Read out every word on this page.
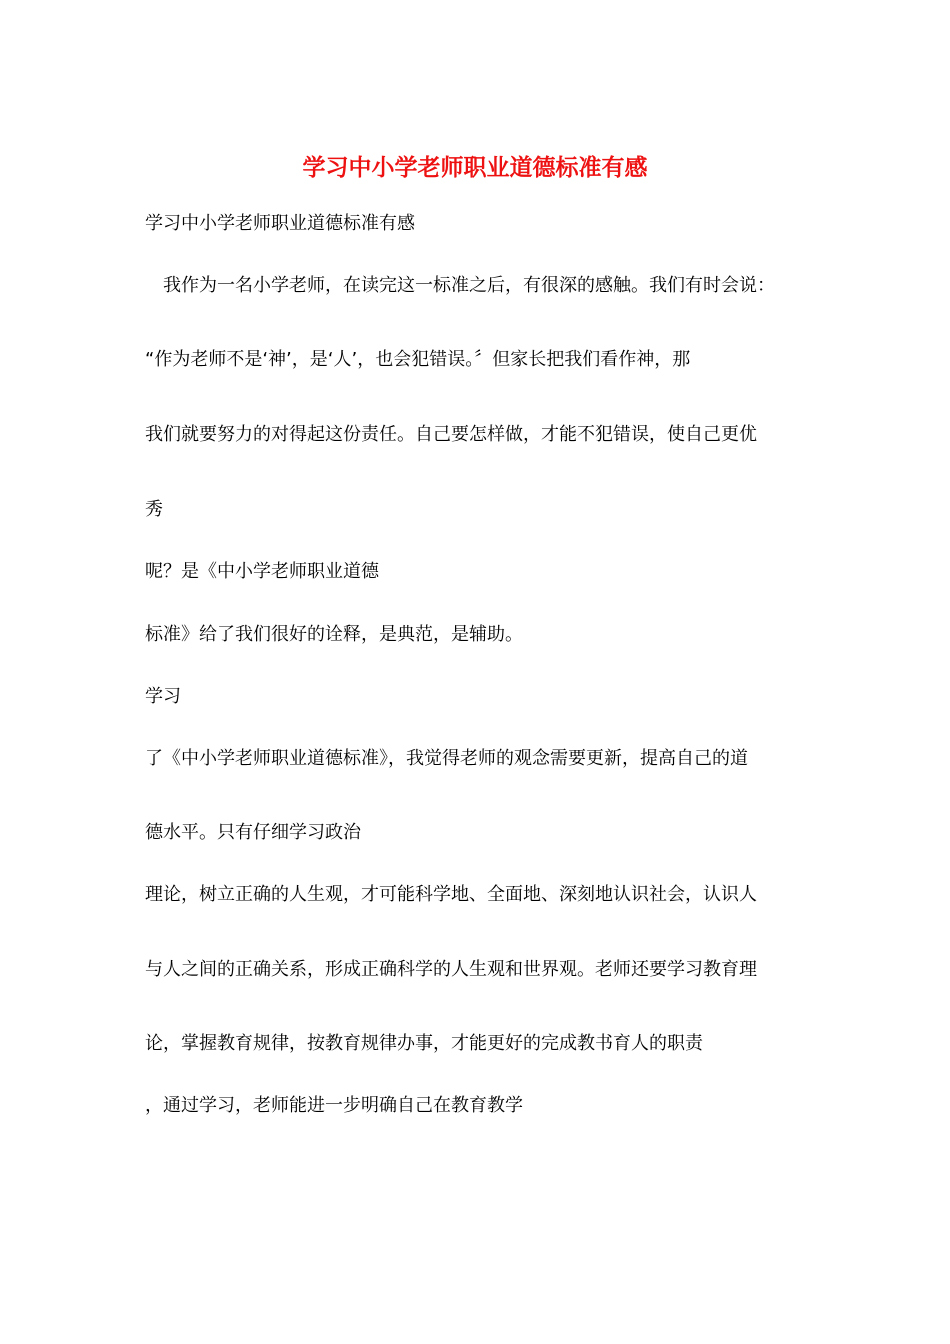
学习中小学老师职业道德标准有感
学习中小学老师职业道德标准有感
　我作为一名小学老师，在读完这一标准之后，有很深的感触。我们有时会说：
“作为老师不是‘神’，是‘人’，也会犯错误。〞但家长把我们看作神，那
我们就要努力的对得起这份责任。自己要怎样做，才能不犯错误，使自己更优
秀
呢？是《中小学老师职业道德
标准》给了我们很好的诠释，是典范，是辅助。
学习
了《中小学老师职业道德标准》，我觉得老师的观念需要更新，提高自己的道
德水平。只有仔细学习政治
理论，树立正确的人生观，才可能科学地、全面地、深刻地认识社会，认识人
与人之间的正确关系，形成正确科学的人生观和世界观。老师还要学习教育理
论，掌握教育规律，按教育规律办事，才能更好的完成教书育人的职责
，通过学习，老师能进一步明确自己在教育教学
